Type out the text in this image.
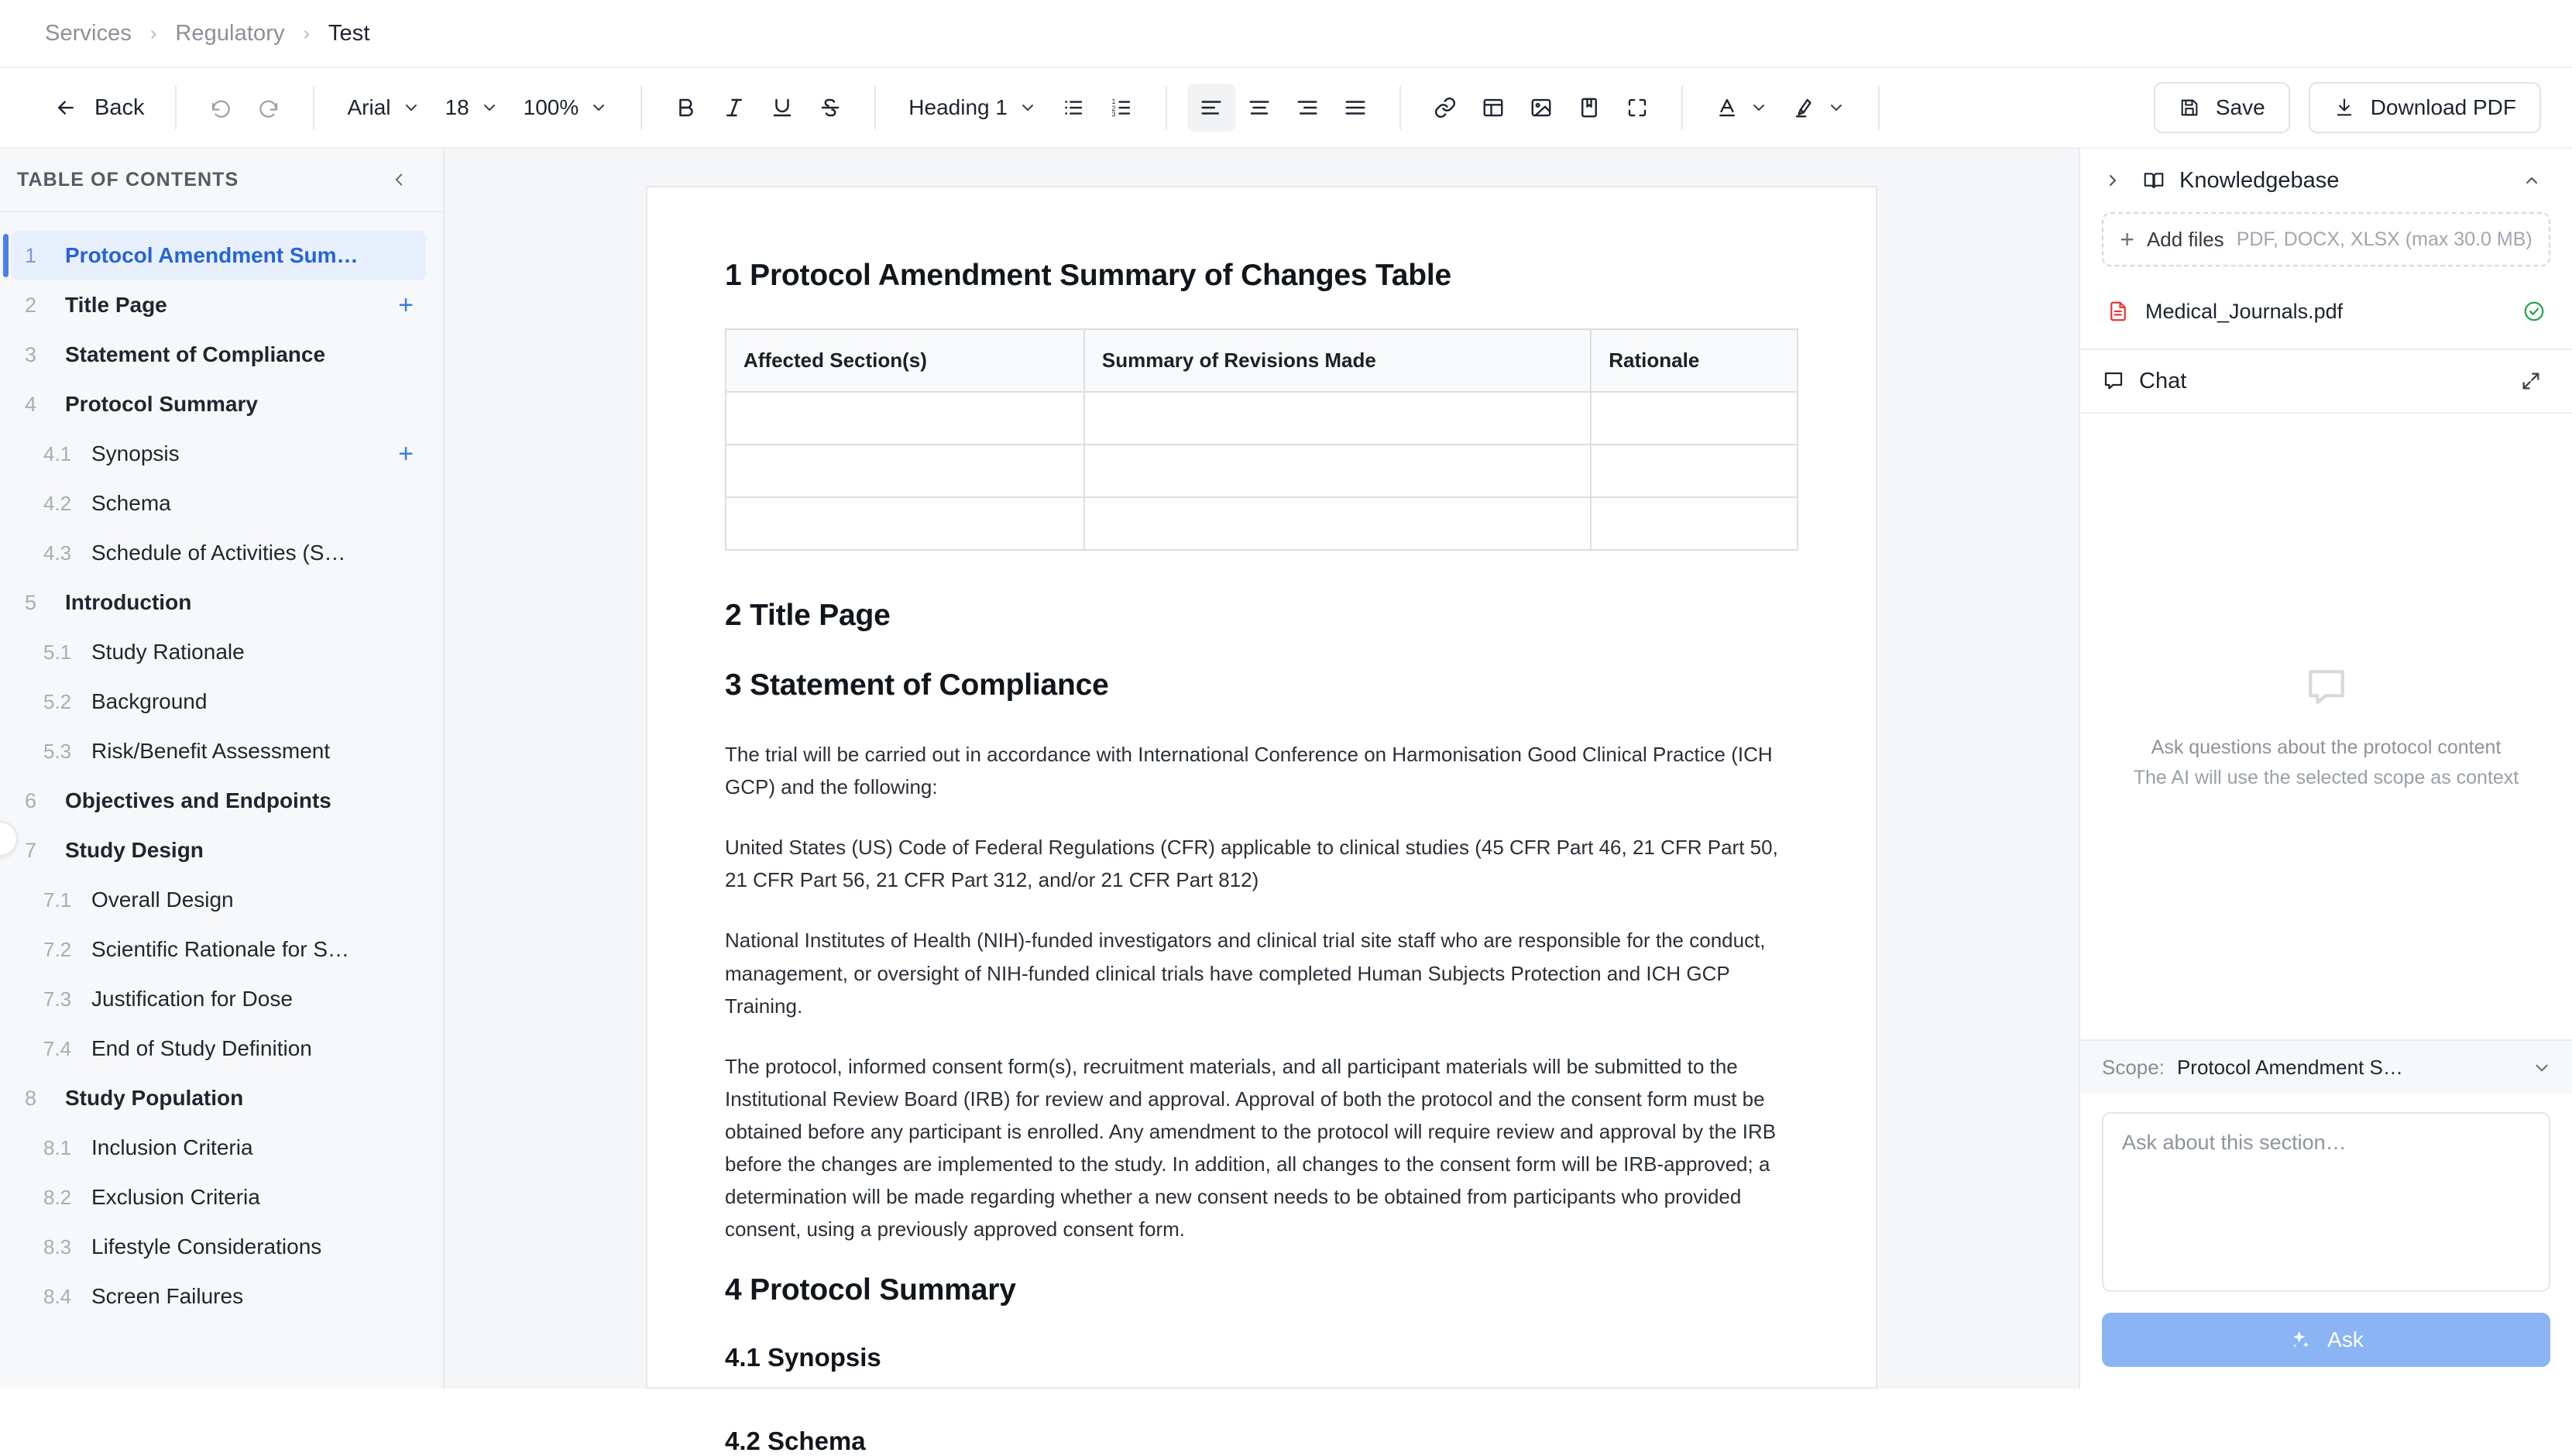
Services › Regulatory › Test
Back	Arial	18	100%	Heading 1	1
2
3	Save	Download PDF
TABLE OF CONTENTS
1	Protocol Amendment Sum…
2	Title Page	+
3	Statement of Compliance
4	Protocol Summary
4.1 Synopsis	+
4.2 Schema
4.3 Schedule of Activities (S…
5	Introduction
5.1 Study Rationale
5.2 Background
5.3 Risk/Benefit Assessment
6	Objectives and Endpoints
7	Study Design
7.1 Overall Design
7.2 Scientific Rationale for S…
7.3 Justification for Dose
7.4 End of Study Definition
8	Study Population
8.1 Inclusion Criteria
8.2 Exclusion Criteria
8.3 Lifestyle Considerations
8.4 Screen Failures
1 Protocol Amendment Summary of Changes Table
Affected Section(s)	Summary of Revisions Made	Rationale

2 Title Page
3 Statement of Compliance

The trial will be carried out in accordance with International Conference on Harmonisation Good Clinical Practice (ICH GCP) and the following:

United States (US) Code of Federal Regulations (CFR) applicable to clinical studies (45 CFR Part 46, 21 CFR Part 50, 21 CFR Part 56, 21 CFR Part 312, and/or 21 CFR Part 812)

National Institutes of Health (NIH)-funded investigators and clinical trial site staff who are responsible for the conduct, management, or oversight of NIH-funded clinical trials have completed Human Subjects Protection and ICH GCP Training.

The protocol, informed consent form(s), recruitment materials, and all participant materials will be submitted to the Institutional Review Board (IRB) for review and approval. Approval of both the protocol and the consent form must be obtained before any participant is enrolled. Any amendment to the protocol will require review and approval by the IRB before the changes are implemented to the study. In addition, all changes to the consent form will be IRB-approved; a determination will be made regarding whether a new consent needs to be obtained from participants who provided consent, using a previously approved consent form.

4 Protocol Summary
4.1 Synopsis
4.2 Schema
Knowledgebase
+ Add files PDF, DOCX, XLSX (max 30.0 MB)
Medical_Journals.pdf
Chat
Ask questions about the protocol content
The AI will use the selected scope as context
Scope: Protocol Amendment S…
Ask about this section…
Ask
